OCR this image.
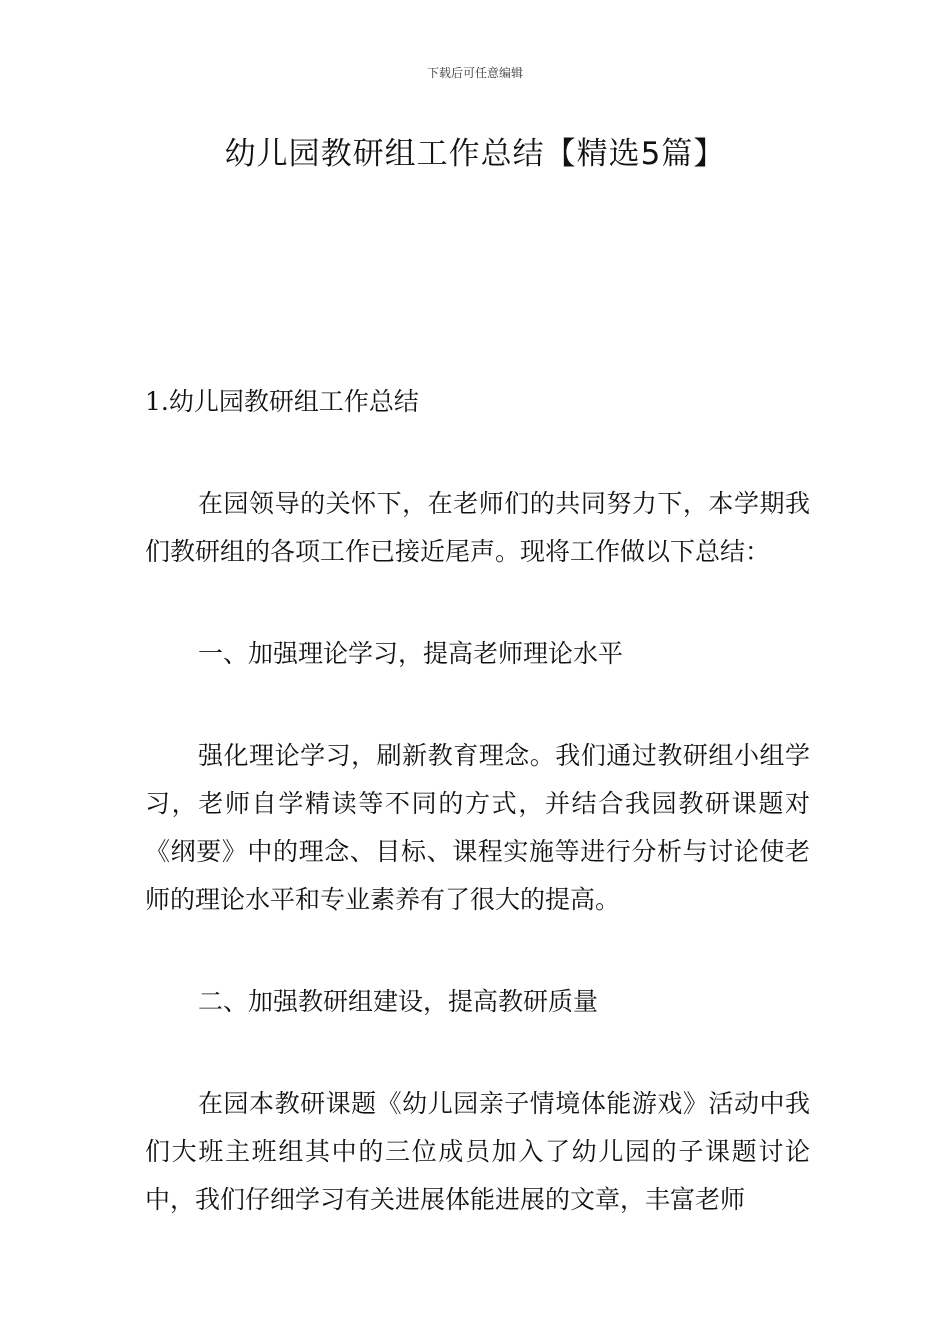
下载后可任意编辑
幼儿园教研组工作总结【精选5篇】
1.幼儿园教研组工作总结

在园领导的关怀下，在老师们的共同努力下，本学期我们教研组的各项工作已接近尾声。现将工作做以下总结：

一、加强理论学习，提高老师理论水平

强化理论学习，刷新教育理念。我们通过教研组小组学习，老师自学精读等不同的方式，并结合我园教研课题对《纲要》中的理念、目标、课程实施等进行分析与讨论使老师的理论水平和专业素养有了很大的提高。

二、加强教研组建设，提高教研质量

在园本教研课题《幼儿园亲子情境体能游戏》活动中我们大班主班组其中的三位成员加入了幼儿园的子课题讨论中，我们仔细学习有关进展体能进展的文章，丰富老师
